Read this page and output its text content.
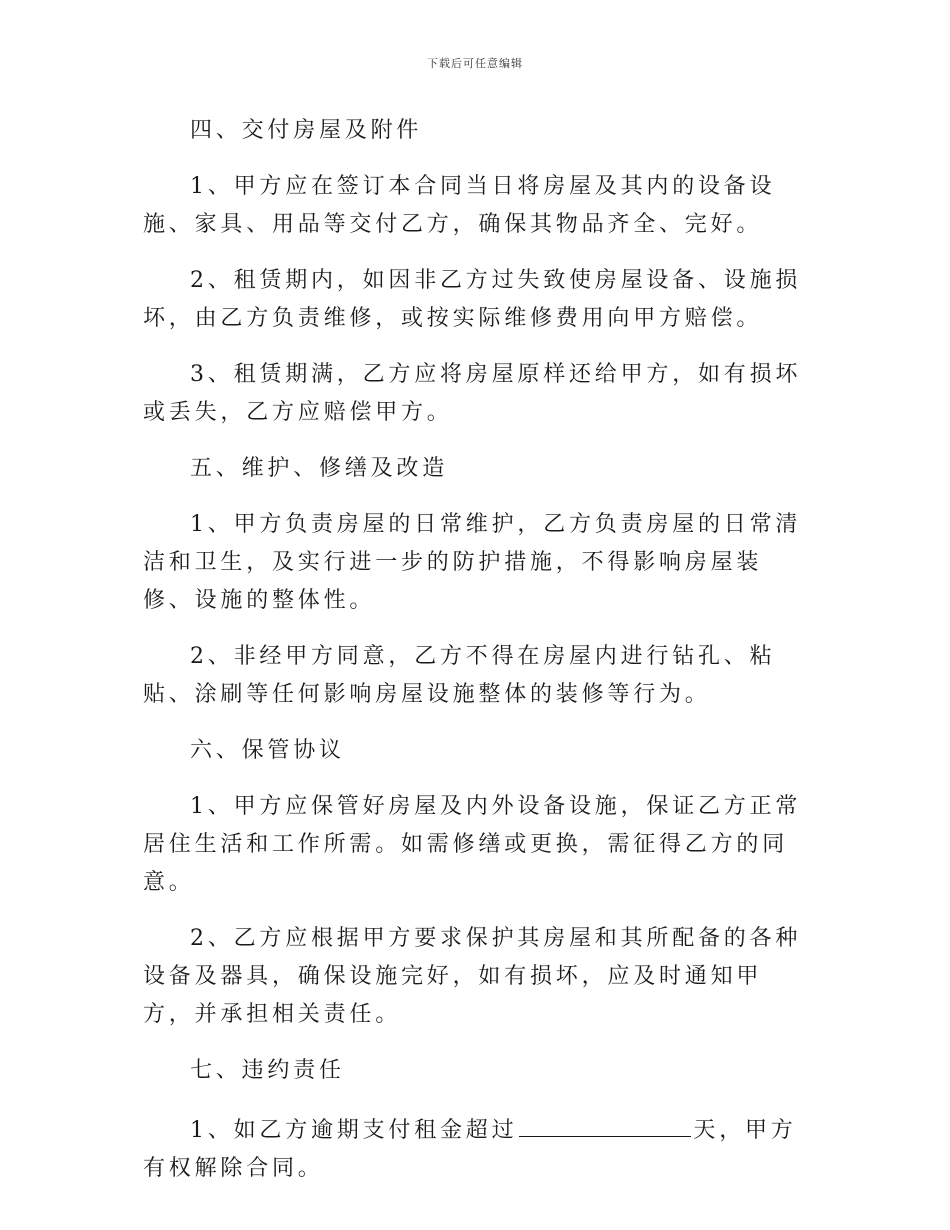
下载后可任意编辑

四、交付房屋及附件

1、甲方应在签订本合同当日将房屋及其内的设备设施、家具、用品等交付乙方，确保其物品齐全、完好。

2、租赁期内，如因非乙方过失致使房屋设备、设施损坏，由乙方负责维修，或按实际维修费用向甲方赔偿。

3、租赁期满，乙方应将房屋原样还给甲方，如有损坏或丢失，乙方应赔偿甲方。

五、维护、修缮及改造

1、甲方负责房屋的日常维护，乙方负责房屋的日常清洁和卫生，及实行进一步的防护措施，不得影响房屋装修、设施的整体性。

2、非经甲方同意，乙方不得在房屋内进行钻孔、粘贴、涂刷等任何影响房屋设施整体的装修等行为。

六、保管协议

1、甲方应保管好房屋及内外设备设施，保证乙方正常居住生活和工作所需。如需修缮或更换，需征得乙方的同意。

2、乙方应根据甲方要求保护其房屋和其所配备的各种设备及器具，确保设施完好，如有损坏，应及时通知甲方，并承担相关责任。

七、违约责任

1、如乙方逾期支付租金超过	天，甲方有权解除合同。
